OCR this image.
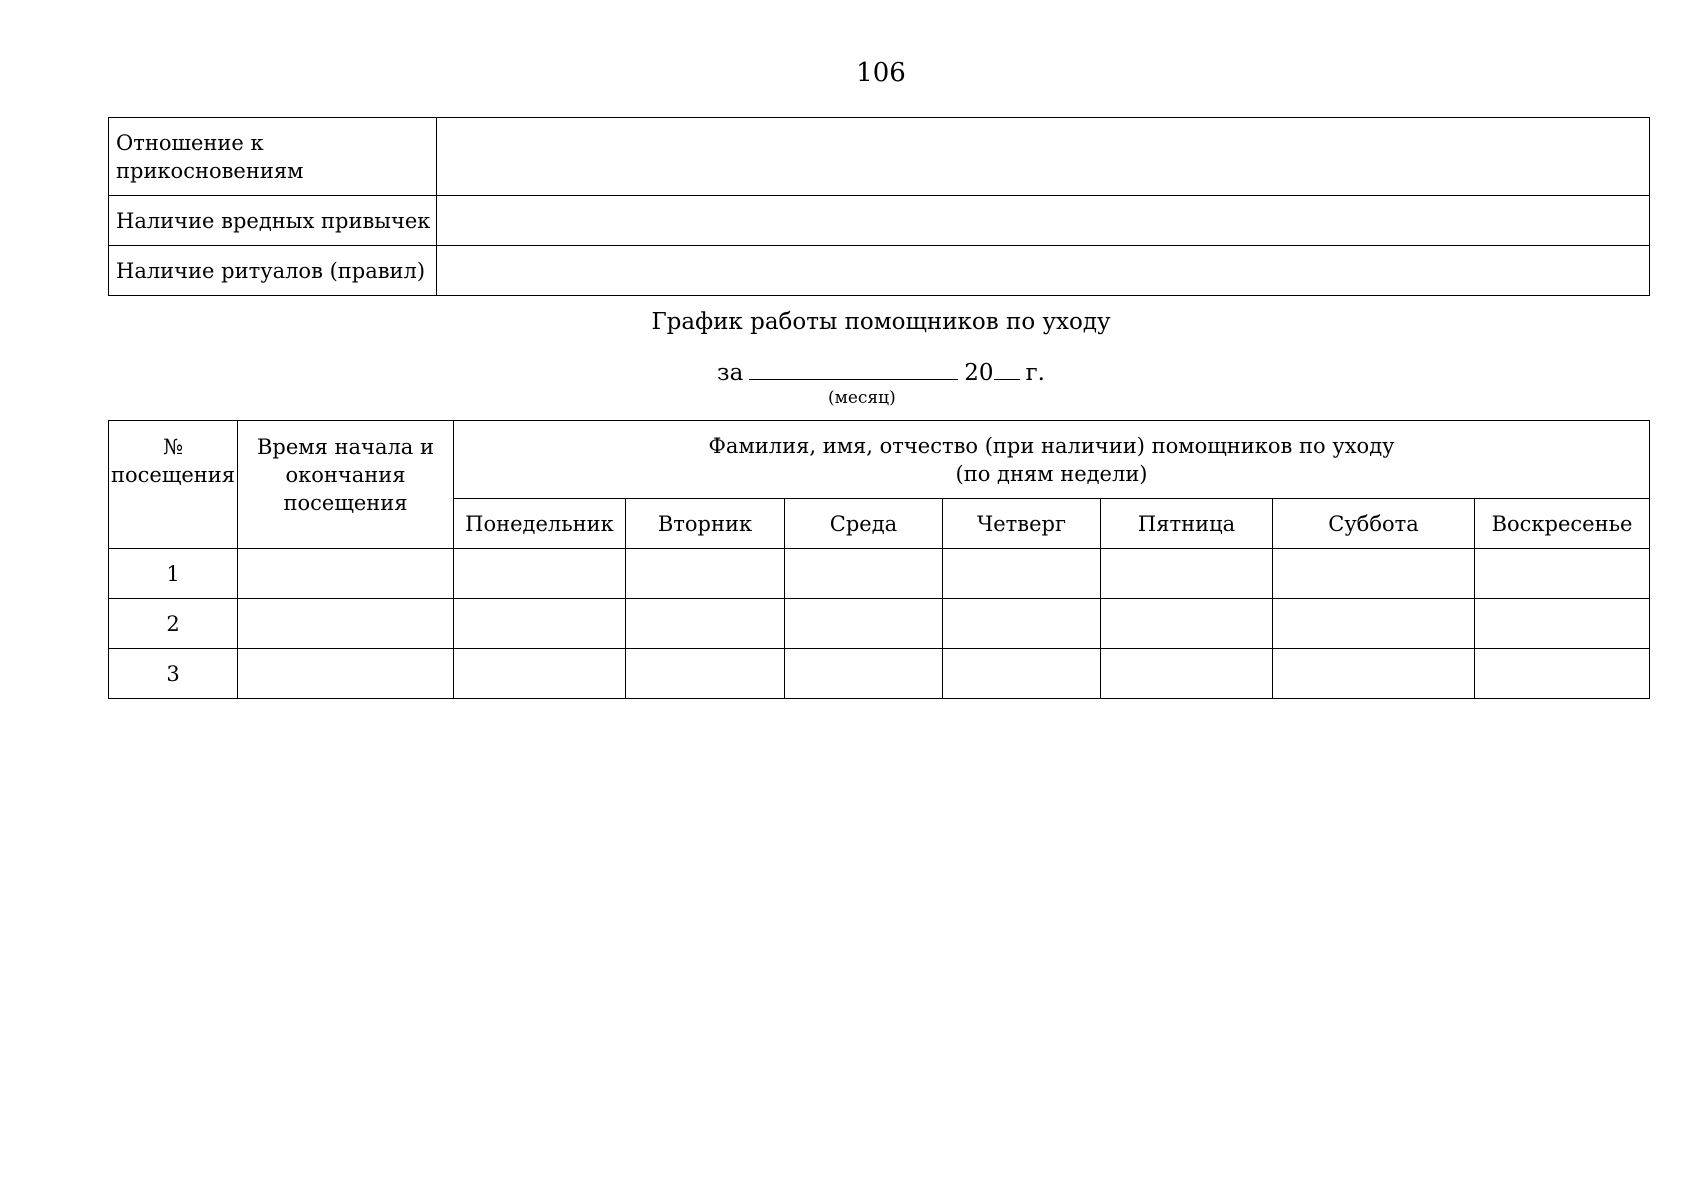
106
Отношение к прикосновениям	
Наличие вредных привычек	
Наличие ритуалов (правил)	
График работы помощников по уходу
за	20 г.
(месяц)
№ посещения	Время начала и окончания посещения	Фамилия, имя, отчество (при наличии) помощников по уходу
(по дням недели)						

		Понедельник	Вторник	Среда	Четверг	Пятница	Суббота	Воскресенье
1								
2								
3								
